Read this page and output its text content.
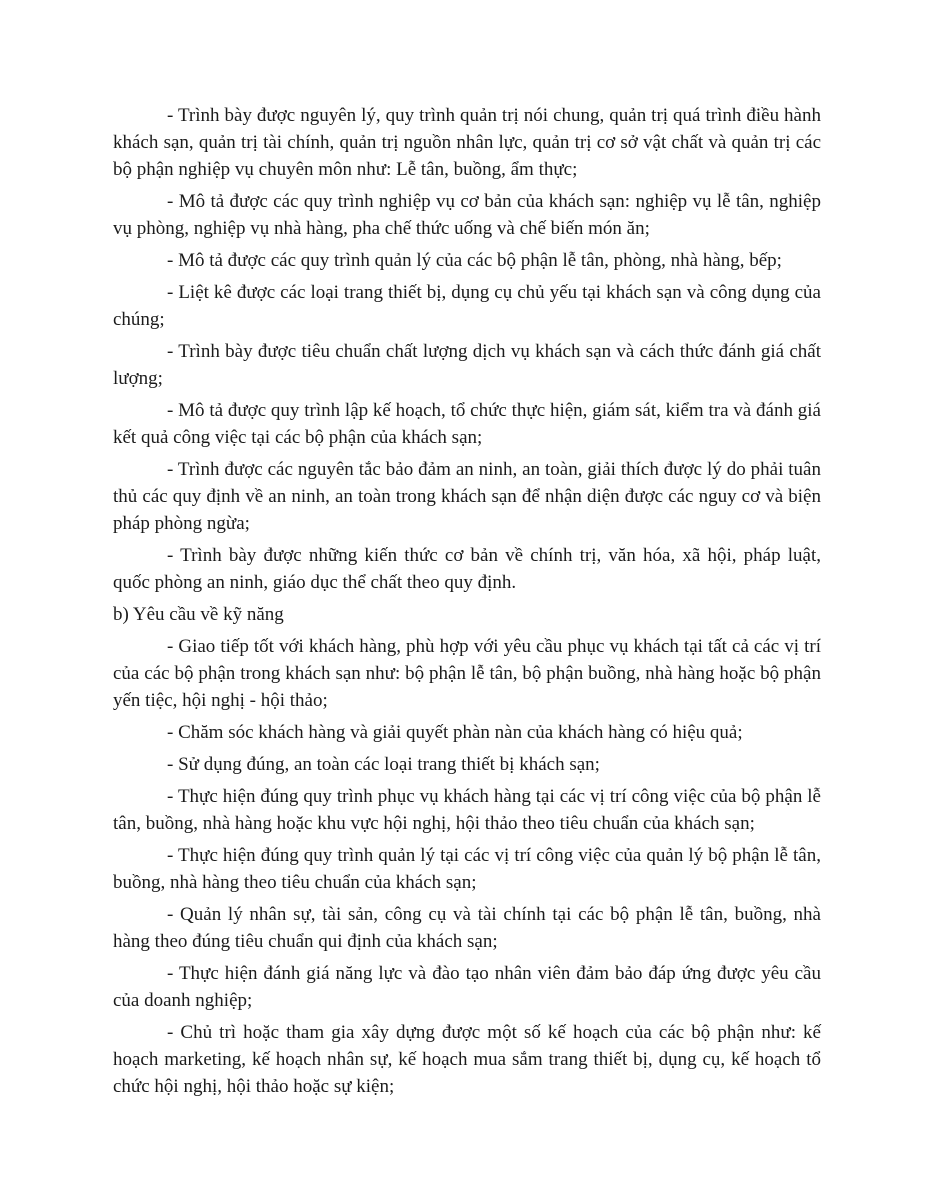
- Trình bày được nguyên lý, quy trình quản trị nói chung, quản trị quá trình điều hành khách sạn, quản trị tài chính, quản trị nguồn nhân lực, quản trị cơ sở vật chất và quản trị các bộ phận nghiệp vụ chuyên môn như: Lễ tân, buồng, ẩm thực;

- Mô tả được các quy trình nghiệp vụ cơ bản của khách sạn: nghiệp vụ lễ tân, nghiệp vụ phòng, nghiệp vụ nhà hàng, pha chế thức uống và chế biến món ăn;

- Mô tả được các quy trình quản lý của các bộ phận lễ tân, phòng, nhà hàng, bếp;

- Liệt kê được các loại trang thiết bị, dụng cụ chủ yếu tại khách sạn và công dụng của chúng;

- Trình bày được tiêu chuẩn chất lượng dịch vụ khách sạn và cách thức đánh giá chất lượng;

- Mô tả được quy trình lập kế hoạch, tổ chức thực hiện, giám sát, kiểm tra và đánh giá kết quả công việc tại các bộ phận của khách sạn;

- Trình được các nguyên tắc bảo đảm an ninh, an toàn, giải thích được lý do phải tuân thủ các quy định về an ninh, an toàn trong khách sạn để nhận diện được các nguy cơ và biện pháp phòng ngừa;

- Trình bày được những kiến thức cơ bản về chính trị, văn hóa, xã hội, pháp luật, quốc phòng an ninh, giáo dục thể chất theo quy định.

b) Yêu cầu về kỹ năng

- Giao tiếp tốt với khách hàng, phù hợp với yêu cầu phục vụ khách tại tất cả các vị trí của các bộ phận trong khách sạn như: bộ phận lễ tân, bộ phận buồng, nhà hàng hoặc bộ phận yến tiệc, hội nghị - hội thảo;

- Chăm sóc khách hàng và giải quyết phàn nàn của khách hàng có hiệu quả;

- Sử dụng đúng, an toàn các loại trang thiết bị khách sạn;

- Thực hiện đúng quy trình phục vụ khách hàng tại các vị trí công việc của bộ phận lễ tân, buồng, nhà hàng hoặc khu vực hội nghị, hội thảo theo tiêu chuẩn của khách sạn;

- Thực hiện đúng quy trình quản lý tại các vị trí công việc của quản lý bộ phận lễ tân, buồng, nhà hàng theo tiêu chuẩn của khách sạn;

- Quản lý nhân sự, tài sản, công cụ và tài chính tại các bộ phận lễ tân, buồng, nhà hàng theo đúng tiêu chuẩn qui định của khách sạn;

- Thực hiện đánh giá năng lực và đào tạo nhân viên đảm bảo đáp ứng được yêu cầu của doanh nghiệp;

- Chủ trì hoặc tham gia xây dựng được một số kế hoạch của các bộ phận như: kế hoạch marketing, kế hoạch nhân sự, kế hoạch mua sắm trang thiết bị, dụng cụ, kế hoạch tổ chức hội nghị, hội thảo hoặc sự kiện;
